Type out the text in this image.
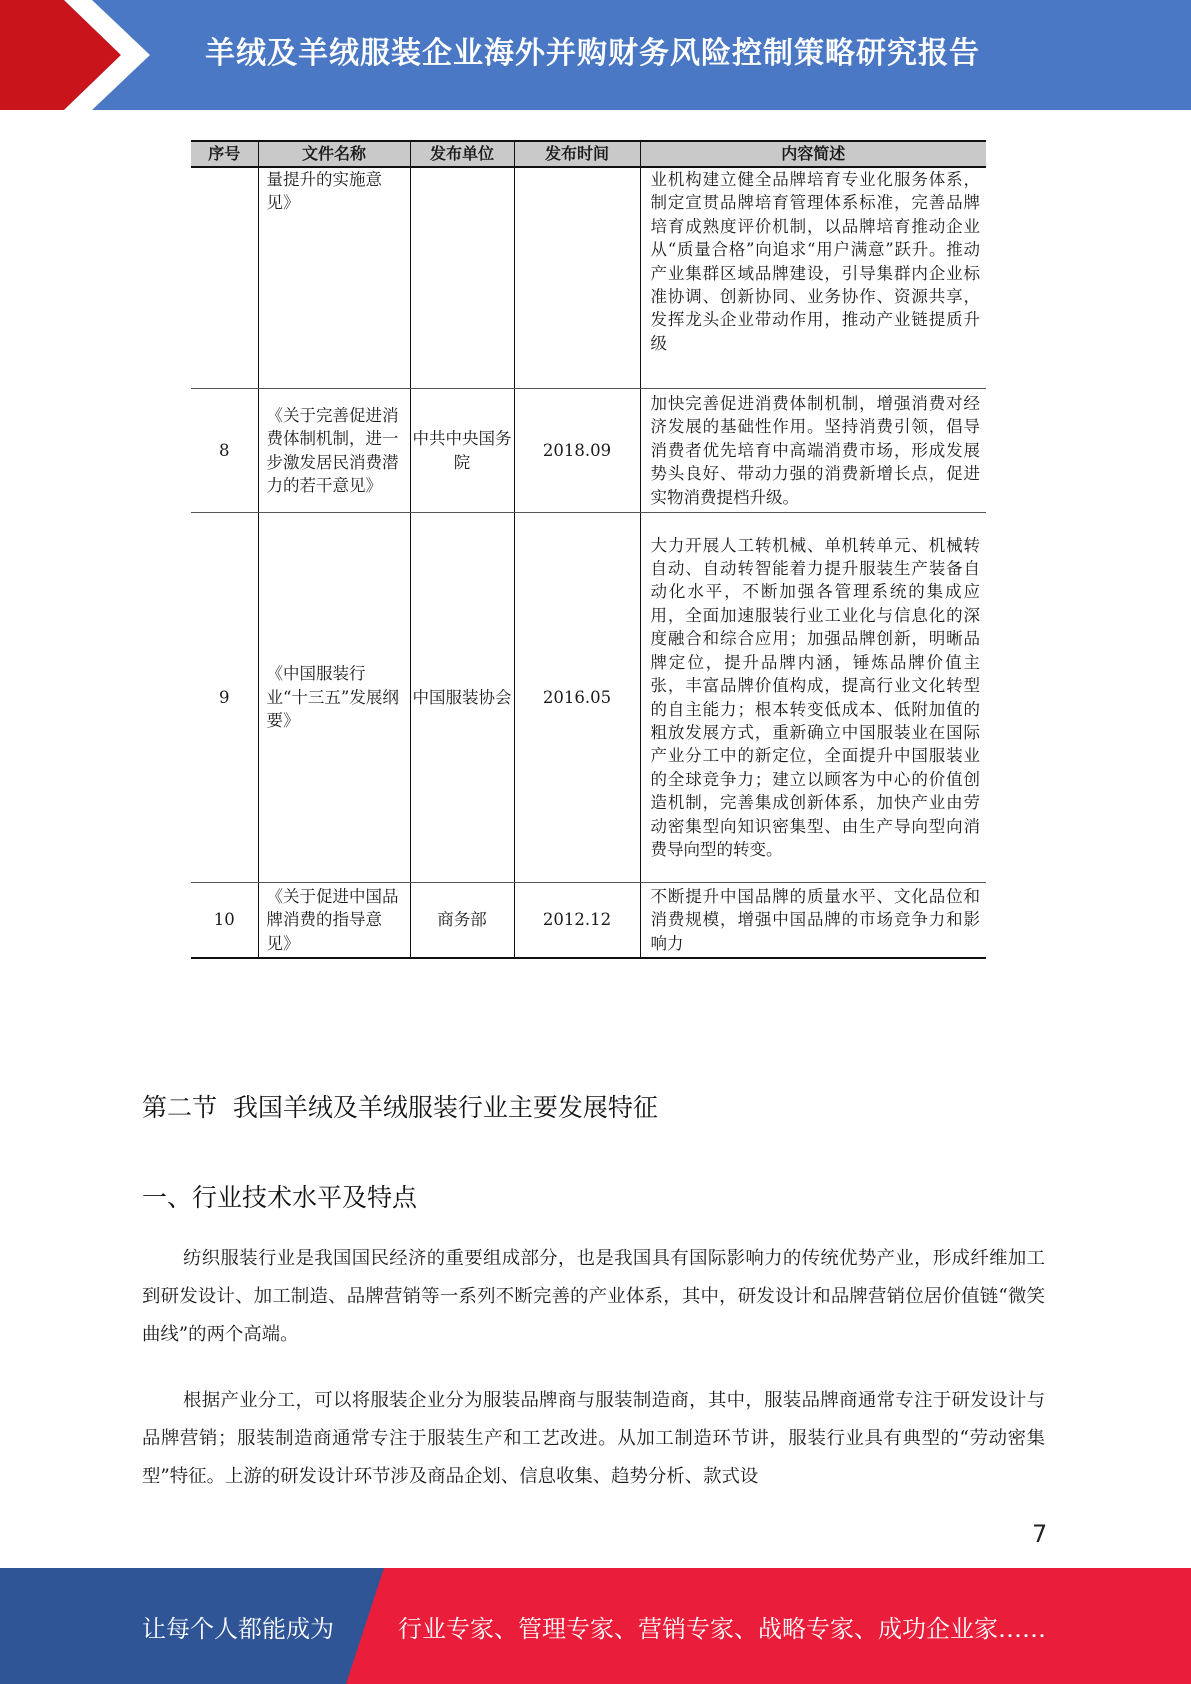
羊绒及羊绒服装企业海外并购财务风险控制策略研究报告
序号	文件名称	发布单位	发布时间	内容简述
	量提升的实施意见》			业机构建立健全品牌培育专业化服务体系，制定宣贯品牌培育管理体系标准，完善品牌培育成熟度评价机制，以品牌培育推动企业从“质量合格”向追求“用户满意”跃升。推动产业集群区域品牌建设，引导集群内企业标准协调、创新协同、业务协作、资源共享，发挥龙头企业带动作用，推动产业链提质升级
8	《关于完善促进消费体制机制，进一步激发居民消费潜力的若干意见》	中共中央国务院	2018.09	加快完善促进消费体制机制，增强消费对经济发展的基础性作用。坚持消费引领，倡导消费者优先培育中高端消费市场，形成发展势头良好、带动力强的消费新增长点，促进实物消费提档升级。
9	《中国服装行业“十三五”发展纲要》	中国服装协会	2016.05	大力开展人工转机械、单机转单元、机械转自动、自动转智能着力提升服装生产装备自动化水平，不断加强各管理系统的集成应用，全面加速服装行业工业化与信息化的深度融合和综合应用；加强品牌创新，明晰品牌定位，提升品牌内涵，锤炼品牌价值主张，丰富品牌价值构成，提高行业文化转型的自主能力；根本转变低成本、低附加值的粗放发展方式，重新确立中国服装业在国际产业分工中的新定位，全面提升中国服装业的全球竞争力；建立以顾客为中心的价值创造机制，完善集成创新体系，加快产业由劳动密集型向知识密集型、由生产导向型向消费导向型的转变。
10	《关于促进中国品牌消费的指导意见》	商务部	2012.12	不断提升中国品牌的质量水平、文化品位和消费规模，增强中国品牌的市场竞争力和影响力
第二节  我国羊绒及羊绒服装行业主要发展特征
一、行业技术水平及特点

纺织服装行业是我国国民经济的重要组成部分，也是我国具有国际影响力的传统优势产业，形成纤维加工到研发设计、加工制造、品牌营销等一系列不断完善的产业体系，其中，研发设计和品牌营销位居价值链“微笑曲线”的两个高端。

根据产业分工，可以将服装企业分为服装品牌商与服装制造商，其中，服装品牌商通常专注于研发设计与品牌营销；服装制造商通常专注于服装生产和工艺改进。从加工制造环节讲，服装行业具有典型的“劳动密集型”特征。上游的研发设计环节涉及商品企划、信息收集、趋势分析、款式设

7
让每个人都能成为	行业专家、管理专家、营销专家、战略专家、成功企业家……
